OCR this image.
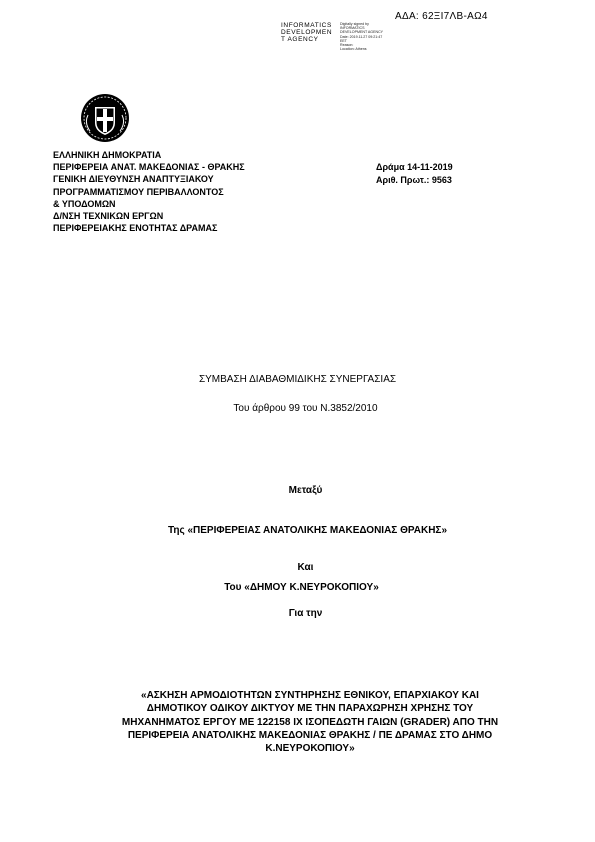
ΑΔΑ: 62ΞΙ7ΛΒ-ΑΩ4
INFORMATICS
DEVELOPMEN
T AGENCY
Digitally signed by
INFORMATICS
DEVELOPMENT AGENCY
Date: 2019.11.27 09:21:47
EET
Reason:
Location: Athens
ΕΛΛΗΝΙΚΗ ΔΗΜΟΚΡΑΤΙΑ
ΠΕΡΙΦΕΡΕΙΑ ΑΝΑΤ. ΜΑΚΕΔΟΝΙΑΣ - ΘΡΑΚΗΣ
ΓΕΝΙΚΗ ΔΙΕΥΘΥΝΣΗ ΑΝΑΠΤΥΞΙΑΚΟΥ
ΠΡΟΓΡΑΜΜΑΤΙΣΜΟΥ ΠΕΡΙΒΑΛΛΟΝΤΟΣ
& ΥΠΟΔΟΜΩΝ
Δ/ΝΣΗ ΤΕΧΝΙΚΩΝ ΕΡΓΩΝ
ΠΕΡΙΦΕΡΕΙΑΚΗΣ ΕΝΟΤΗΤΑΣ ΔΡΑΜΑΣ
Δράμα 14-11-2019
Αριθ. Πρωτ.: 9563
ΣΥΜΒΑΣΗ ΔΙΑΒΑΘΜΙΔΙΚΗΣ ΣΥΝΕΡΓΑΣΙΑΣ
Του άρθρου 99 του Ν.3852/2010
Μεταξύ
Της «ΠΕΡΙΦΕΡΕΙΑΣ ΑΝΑΤΟΛΙΚΗΣ ΜΑΚΕΔΟΝΙΑΣ ΘΡΑΚΗΣ»
Και
Του «ΔΗΜΟΥ Κ.ΝΕΥΡΟΚΟΠΙΟΥ»
Για την
«ΑΣΚΗΣΗ ΑΡΜΟΔΙΟΤΗΤΩΝ ΣΥΝΤΗΡΗΣΗΣ ΕΘΝΙΚΟΥ, ΕΠΑΡΧΙΑΚΟΥ ΚΑΙ
ΔΗΜΟΤΙΚΟΥ ΟΔΙΚΟΥ ΔΙΚΤΥΟΥ ΜΕ ΤΗΝ ΠΑΡΑΧΩΡΗΣΗ ΧΡΗΣΗΣ ΤΟΥ
ΜΗΧΑΝΗΜΑΤΟΣ ΕΡΓΟΥ ΜΕ 122158 ΙΧ ΙΣΟΠΕΔΩΤΗ ΓΑΙΩΝ (GRADER) ΑΠΟ ΤΗΝ
ΠΕΡΙΦΕΡΕΙΑ ΑΝΑΤΟΛΙΚΗΣ ΜΑΚΕΔΟΝΙΑΣ ΘΡΑΚΗΣ / ΠΕ ΔΡΑΜΑΣ ΣΤΟ ΔΗΜΟ
Κ.ΝΕΥΡΟΚΟΠΙΟΥ»
